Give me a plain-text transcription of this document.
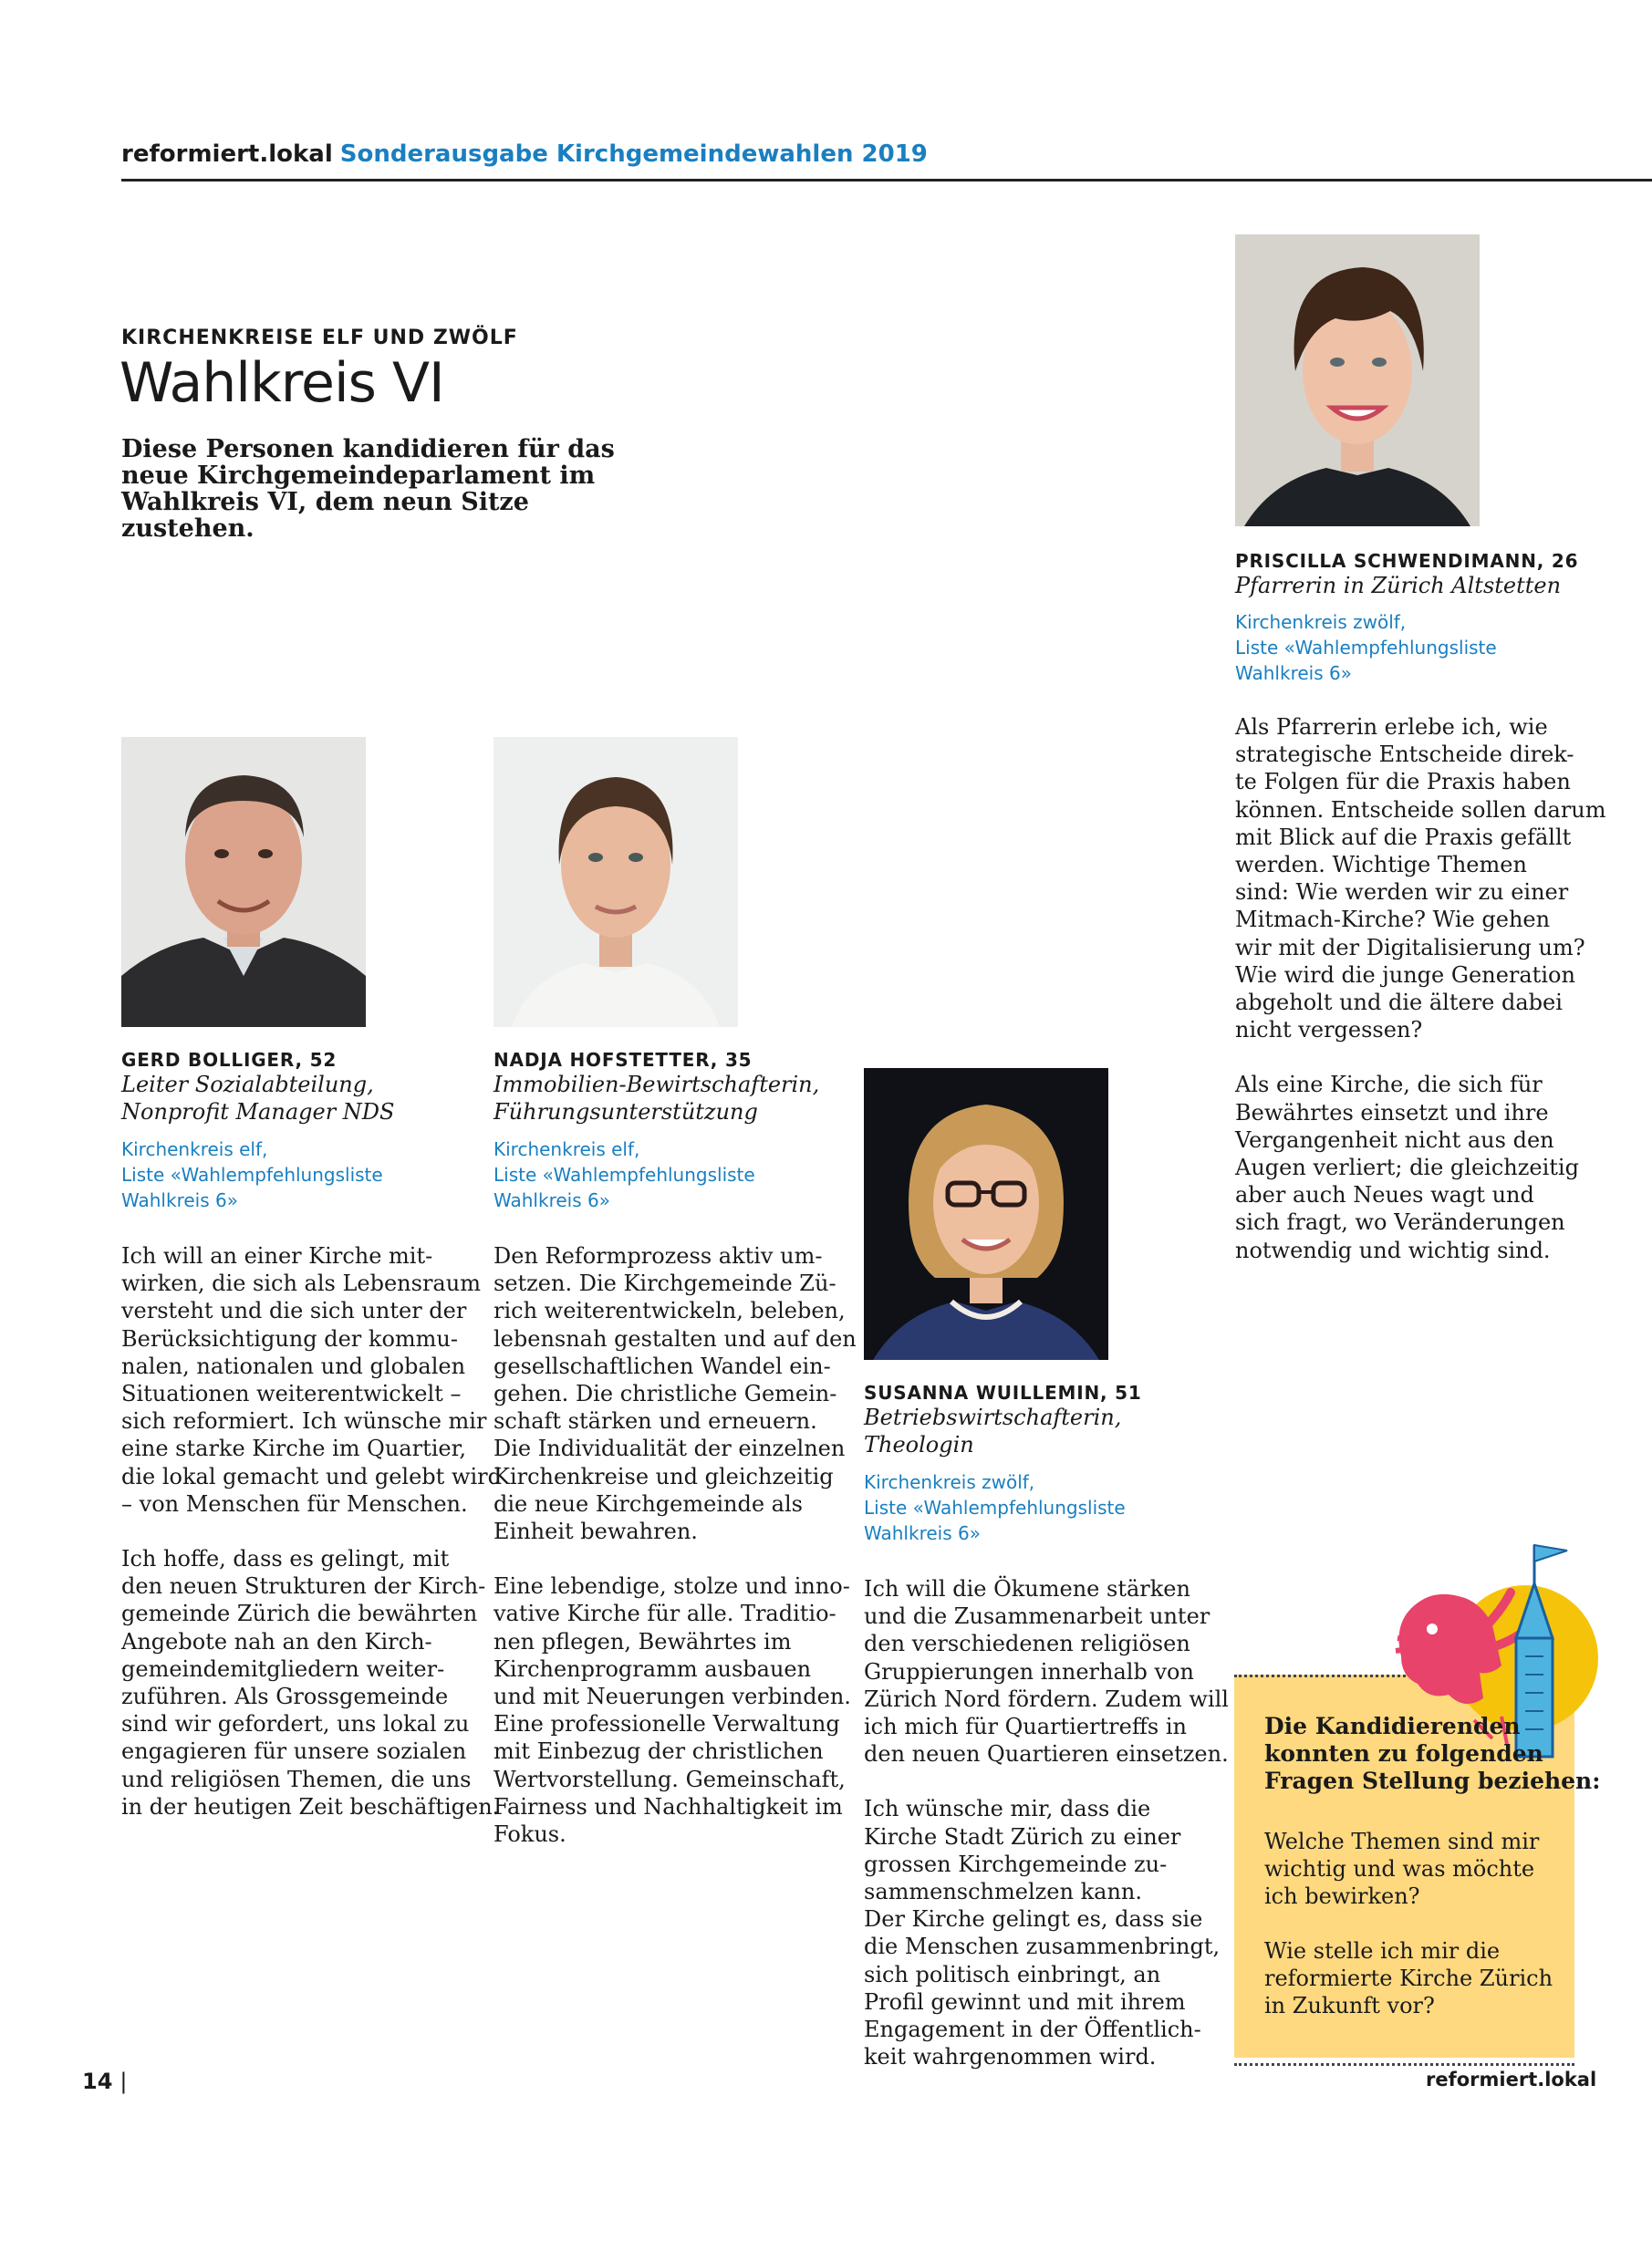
reformiert.lokal Sonderausgabe Kirchgemeindewahlen 2019
KIRCHENKREISE ELF UND ZWÖLF
Wahlkreis VI
Diese Personen kandidieren für das neue Kirchgemeindeparlament im Wahlkreis VI, dem neun Sitze zustehen.
GERD BOLLIGER, 52
Leiter Sozialabteilung,
Nonprofit Manager NDS
Kirchenkreis elf,
Liste «Wahlempfehlungsliste
Wahlkreis 6»

Ich will an einer Kirche mit-
wirken, die sich als Lebensraum
versteht und die sich unter der
Berücksichtigung der kommu-
nalen, nationalen und globalen
Situationen weiterentwickelt –
sich reformiert. Ich wünsche mir
eine starke Kirche im Quartier,
die lokal gemacht und gelebt wird
– von Menschen für Menschen.

Ich hoffe, dass es gelingt, mit
den neuen Strukturen der Kirch-
gemeinde Zürich die bewährten
Angebote nah an den Kirch-
gemeindemitgliedern weiter-
zuführen. Als Grossgemeinde
sind wir gefordert, uns lokal zu
engagieren für unsere sozialen
und religiösen Themen, die uns
in der heutigen Zeit beschäftigen.

NADJA HOFSTETTER, 35
Immobilien-Bewirtschafterin,
Führungsunterstützung
Kirchenkreis elf,
Liste «Wahlempfehlungsliste
Wahlkreis 6»

Den Reformprozess aktiv um-
setzen. Die Kirchgemeinde Zü-
rich weiterentwickeln, beleben,
lebensnah gestalten und auf den
gesellschaftlichen Wandel ein-
gehen. Die christliche Gemein-
schaft stärken und erneuern.
Die Individualität der einzelnen
Kirchenkreise und gleichzeitig
die neue Kirchgemeinde als
Einheit bewahren.

Eine lebendige, stolze und inno-
vative Kirche für alle. Traditio-
nen pflegen, Bewährtes im
Kirchenprogramm ausbauen
und mit Neuerungen verbinden.
Eine professionelle Verwaltung
mit Einbezug der christlichen
Wertvorstellung. Gemeinschaft,
Fairness und Nachhaltigkeit im
Fokus.

SUSANNA WUILLEMIN, 51
Betriebswirtschafterin,
Theologin
Kirchenkreis zwölf,
Liste «Wahlempfehlungsliste
Wahlkreis 6»

Ich will die Ökumene stärken
und die Zusammenarbeit unter
den verschiedenen religiösen
Gruppierungen innerhalb von
Zürich Nord fördern. Zudem will
ich mich für Quartiertreffs in
den neuen Quartieren einsetzen.

Ich wünsche mir, dass die
Kirche Stadt Zürich zu einer
grossen Kirchgemeinde zu-
sammenschmelzen kann.
Der Kirche gelingt es, dass sie
die Menschen zusammenbringt,
sich politisch einbringt, an
Profil gewinnt und mit ihrem
Engagement in der Öffentlich-
keit wahrgenommen wird.

PRISCILLA SCHWENDIMANN, 26
Pfarrerin in Zürich Altstetten
Kirchenkreis zwölf,
Liste «Wahlempfehlungsliste
Wahlkreis 6»

Als Pfarrerin erlebe ich, wie
strategische Entscheide direk-
te Folgen für die Praxis haben
können. Entscheide sollen darum
mit Blick auf die Praxis gefällt
werden. Wichtige Themen
sind: Wie werden wir zu einer
Mitmach-Kirche? Wie gehen
wir mit der Digitalisierung um?
Wie wird die junge Generation
abgeholt und die ältere dabei
nicht vergessen?

Als eine Kirche, die sich für
Bewährtes einsetzt und ihre
Vergangenheit nicht aus den
Augen verliert; die gleichzeitig
aber auch Neues wagt und
sich fragt, wo Veränderungen
notwendig und wichtig sind.

Die Kandidierenden
konnten zu folgenden
Fragen Stellung beziehen:
Welche Themen sind mir
wichtig und was möchte
ich bewirken?
Wie stelle ich mir die
reformierte Kirche Zürich
in Zukunft vor?
14 |	reformiert.lokal
